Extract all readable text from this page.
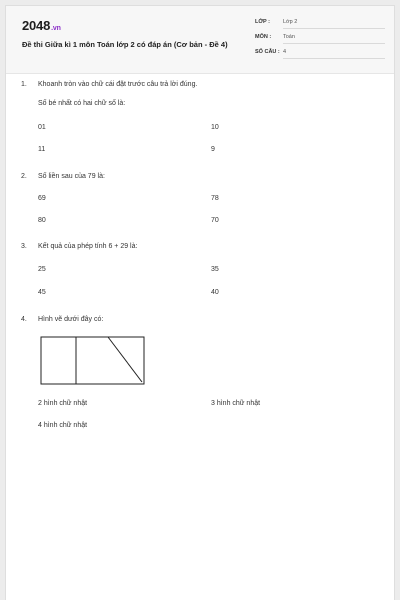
2048.vn
Đề thi Giữa kì 1 môn Toán lớp 2 có đáp án (Cơ bản - Đề 4)
LỚP : Lớp 2
MÔN : Toán
SỐ CÂU : 4
1. Khoanh tròn vào chữ cái đặt trước câu trả lời đúng.
Số bé nhất có hai chữ số là:
01	10
11	9
2. Số liền sau của 79 là:
69	78
80	70
3. Kết quả của phép tính 6 + 29 là:
25	35
45	40
4. Hình vẽ dưới đây có:
2 hình chữ nhật	3 hình chữ nhật
4 hình chữ nhật
